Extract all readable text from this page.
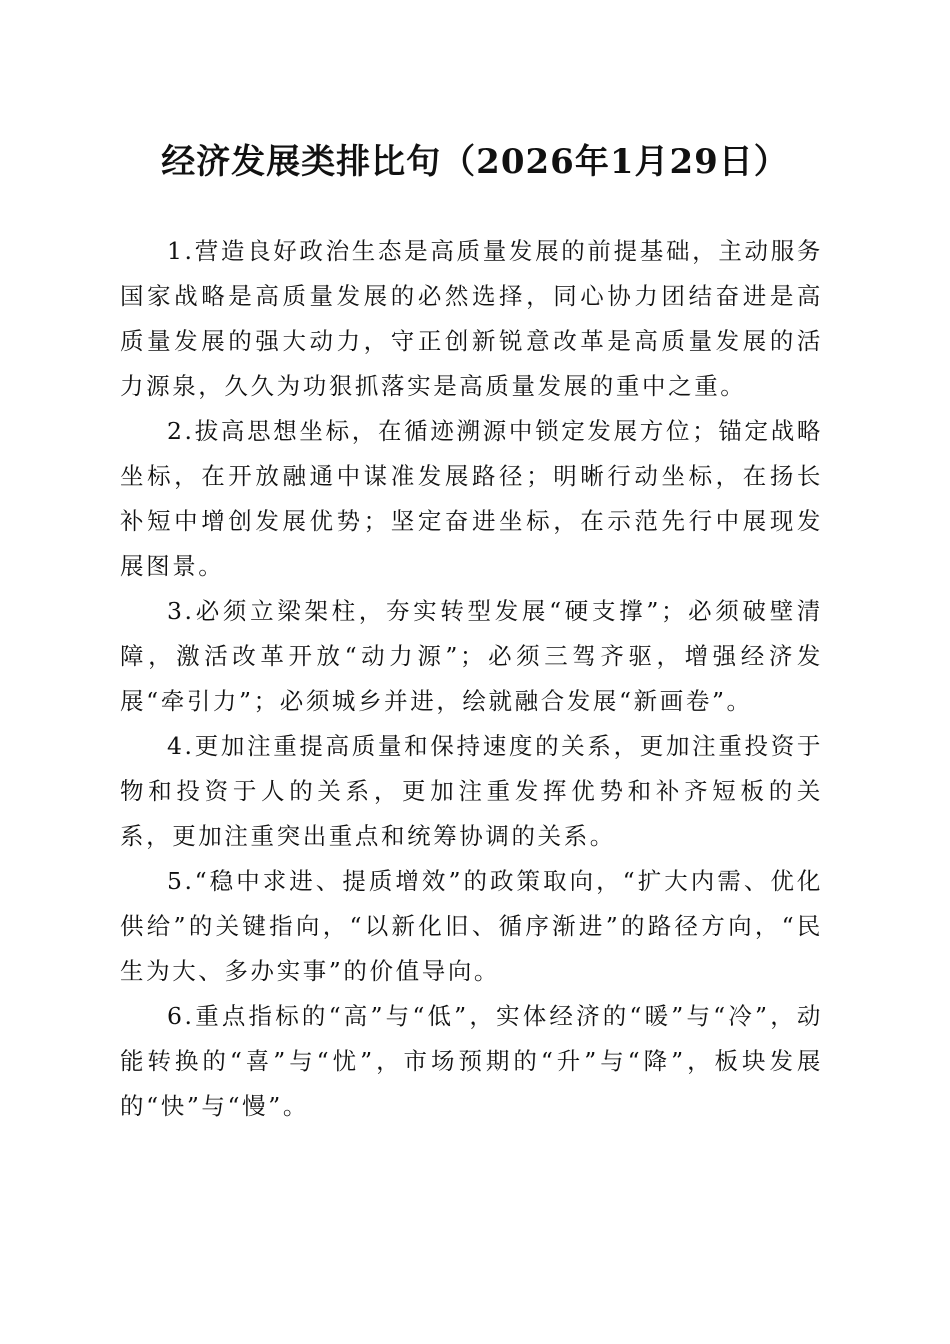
经济发展类排比句（2026年1月29日）

1.营造良好政治生态是高质量发展的前提基础，主动服务国家战略是高质量发展的必然选择，同心协力团结奋进是高质量发展的强大动力，守正创新锐意改革是高质量发展的活力源泉，久久为功狠抓落实是高质量发展的重中之重。

2.拔高思想坐标，在循迹溯源中锁定发展方位；锚定战略坐标，在开放融通中谋准发展路径；明晰行动坐标，在扬长补短中增创发展优势；坚定奋进坐标，在示范先行中展现发展图景。

3.必须立梁架柱，夯实转型发展“硬支撑”；必须破壁清障，激活改革开放“动力源”；必须三驾齐驱，增强经济发展“牵引力”；必须城乡并进，绘就融合发展“新画卷”。

4.更加注重提高质量和保持速度的关系，更加注重投资于物和投资于人的关系，更加注重发挥优势和补齐短板的关系，更加注重突出重点和统筹协调的关系。

5.“稳中求进、提质增效”的政策取向，“扩大内需、优化供给”的关键指向，“以新化旧、循序渐进”的路径方向，“民生为大、多办实事”的价值导向。

6.重点指标的“高”与“低”，实体经济的“暖”与“冷”，动能转换的“喜”与“忧”，市场预期的“升”与“降”，板块发展的“快”与“慢”。
